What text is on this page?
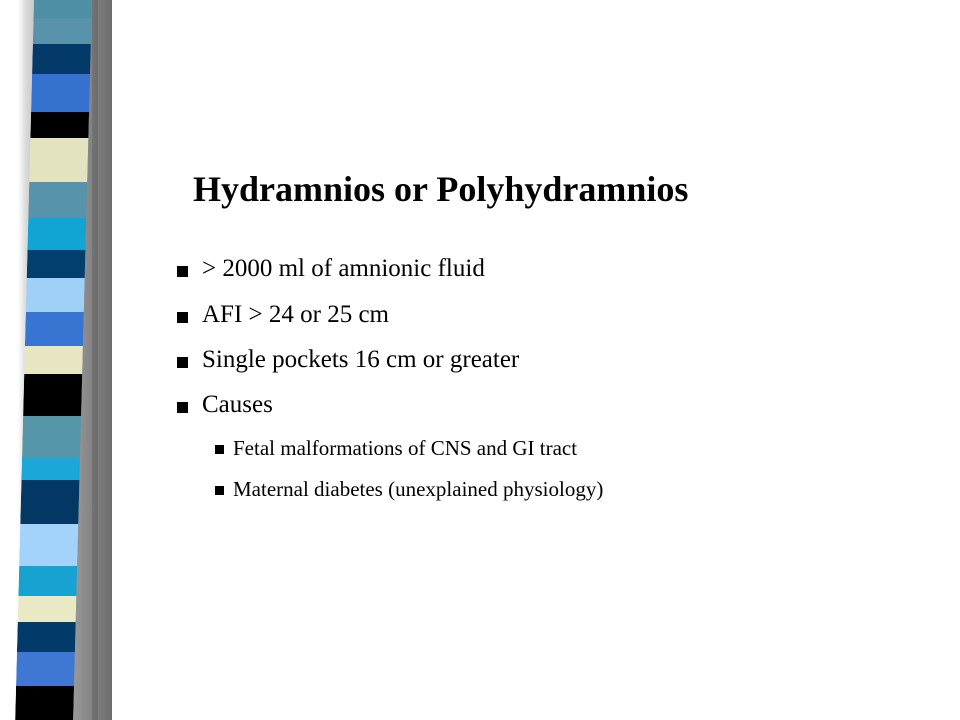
Hydramnios or Polyhydramnios
> 2000 ml of amnionic fluid
AFI > 24 or 25 cm
Single pockets 16 cm or greater
Causes
Fetal malformations of CNS and GI tract
Maternal diabetes (unexplained physiology)
